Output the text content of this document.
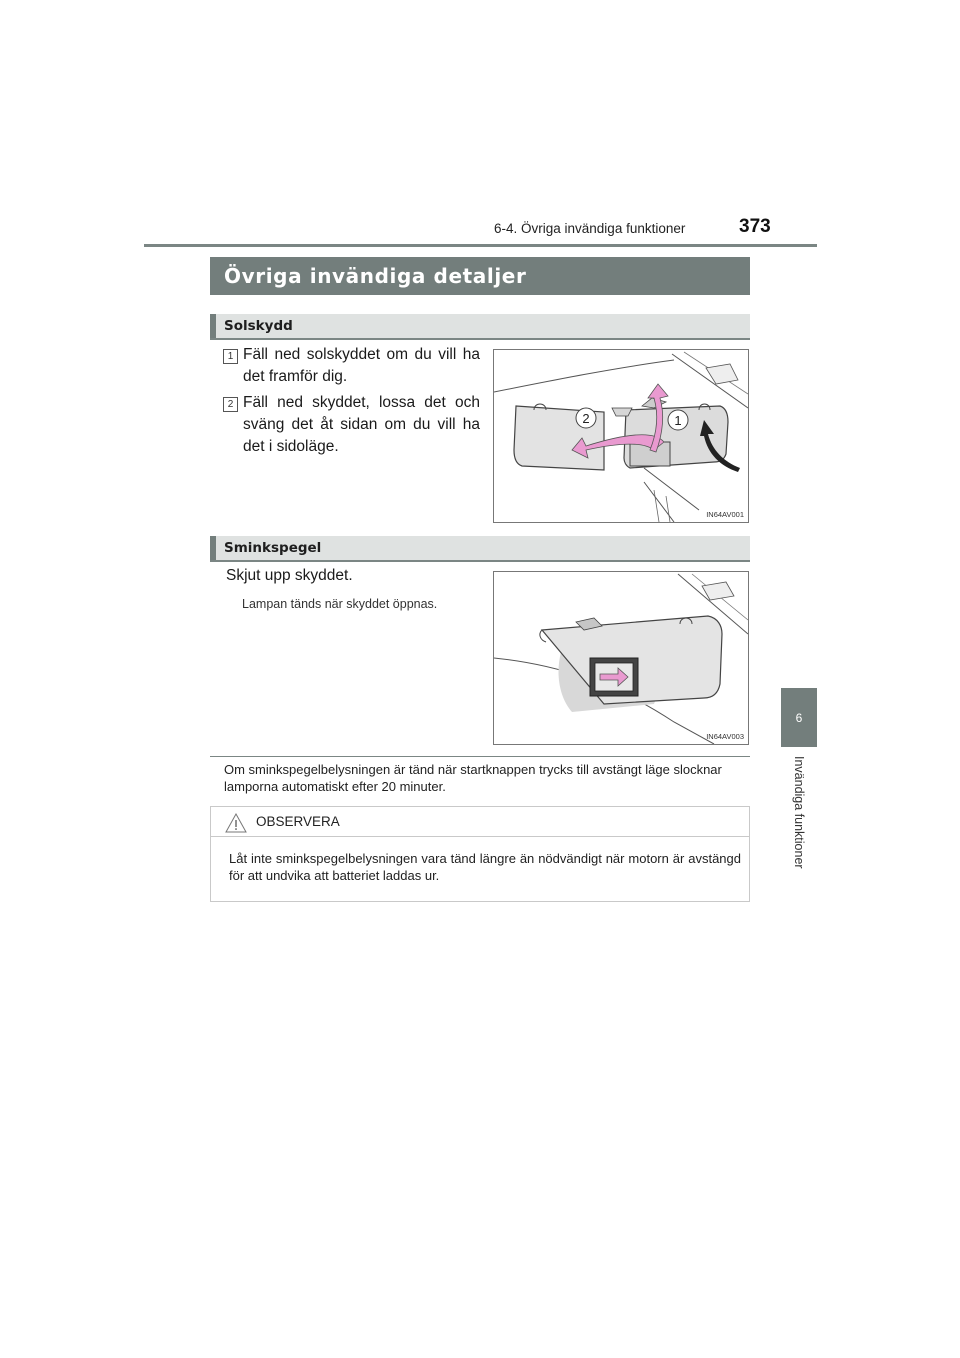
6-4. Övriga invändiga funktioner	373
6
Invändiga funktioner
Övriga invändiga detaljer
Solskydd
1 Fäll ned solskyddet om du vill ha det framför dig.
2 Fäll ned skyddet, lossa det och sväng det åt sidan om du vill ha det i sidoläge.
2	1
IN64AV001
Sminkspegel
Skjut upp skyddet.
Lampan tänds när skyddet öppnas.
IN64AV003
Om sminkspegelbelysningen är tänd när startknappen trycks till avstängt läge slocknar lamporna automatiskt efter 20 minuter.
OBSERVERA
Låt inte sminkspegelbelysningen vara tänd längre än nödvändigt när motorn är avstängd för att undvika att batteriet laddas ur.
